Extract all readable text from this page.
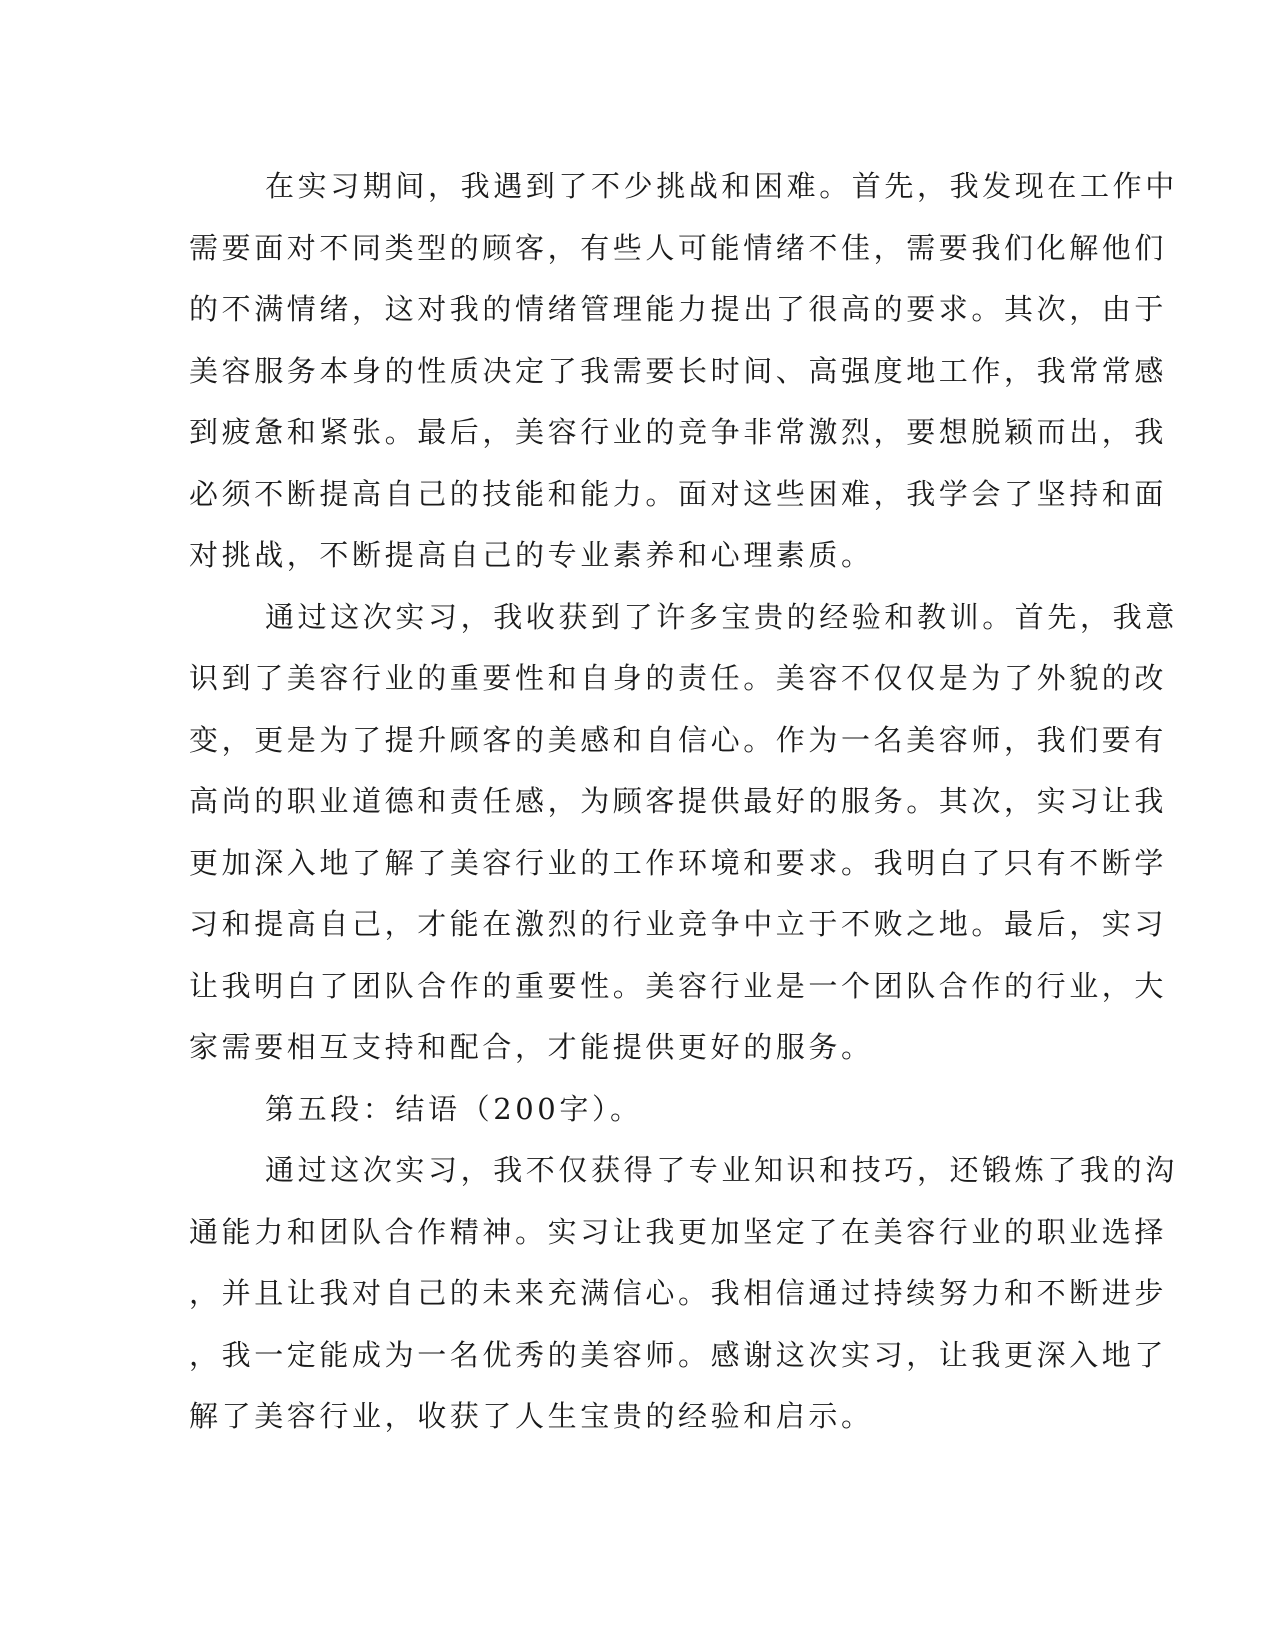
在实习期间，我遇到了不少挑战和困难。首先，我发现在工作中
需要面对不同类型的顾客，有些人可能情绪不佳，需要我们化解他们
的不满情绪，这对我的情绪管理能力提出了很高的要求。其次，由于
美容服务本身的性质决定了我需要长时间、高强度地工作，我常常感
到疲惫和紧张。最后，美容行业的竞争非常激烈，要想脱颖而出，我
必须不断提高自己的技能和能力。面对这些困难，我学会了坚持和面
对挑战，不断提高自己的专业素养和心理素质。
通过这次实习，我收获到了许多宝贵的经验和教训。首先，我意
识到了美容行业的重要性和自身的责任。美容不仅仅是为了外貌的改
变，更是为了提升顾客的美感和自信心。作为一名美容师，我们要有
高尚的职业道德和责任感，为顾客提供最好的服务。其次，实习让我
更加深入地了解了美容行业的工作环境和要求。我明白了只有不断学
习和提高自己，才能在激烈的行业竞争中立于不败之地。最后，实习
让我明白了团队合作的重要性。美容行业是一个团队合作的行业，大
家需要相互支持和配合，才能提供更好的服务。
第五段：结语（200字）。
通过这次实习，我不仅获得了专业知识和技巧，还锻炼了我的沟
通能力和团队合作精神。实习让我更加坚定了在美容行业的职业选择
，并且让我对自己的未来充满信心。我相信通过持续努力和不断进步
，我一定能成为一名优秀的美容师。感谢这次实习，让我更深入地了
解了美容行业，收获了人生宝贵的经验和启示。
